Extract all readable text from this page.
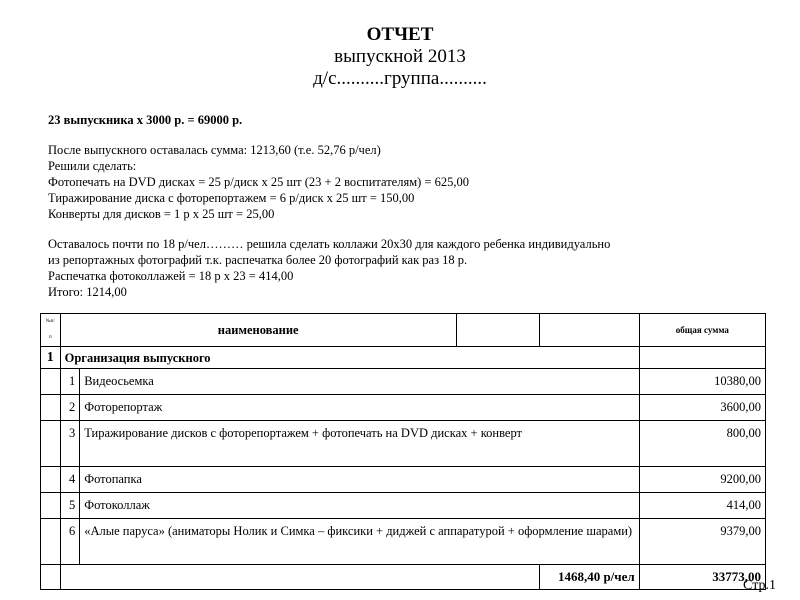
ОТЧЕТ
выпускной 2013
д/с..........группа..........
23 выпускника х 3000 р. = 69000 р.
После выпускного оставалась сумма: 1213,60 (т.е. 52,76 р/чел)
Решили сделать:
Фотопечать на DVD дисках = 25 р/диск х 25 шт (23 + 2 воспитателям) = 625,00
Тиражирование диска с фоторепортажем = 6 р/диск х 25 шт = 150,00
Конверты для дисков = 1 р х 25 шт = 25,00
Оставалось почти по 18 р/чел……… решила сделать коллажи 20х30 для каждого ребенка индивидуально
из репортажных фотографий т.к. распечатка более 20 фотографий как раз 18 р.
Распечатка фотоколлажей = 18 р х 23 = 414,00
Итого: 1214,00
№п/п	наименование				общая сумма
1	Организация выпускного				
	1	Видеосьемка			10380,00
	2	Фоторепортаж			3600,00
	3	Тиражирование дисков с фоторепортажем + фотопечать на DVD дисках + конверт			800,00
	4	Фотопапка			9200,00
	5	Фотоколлаж			414,00
	6	«Алые паруса» (аниматоры Нолик и Симка – фиксики + диджей с аппаратурой + оформление шарами)			9379,00
				1468,40 р/чел	33773,00
Стр.1
